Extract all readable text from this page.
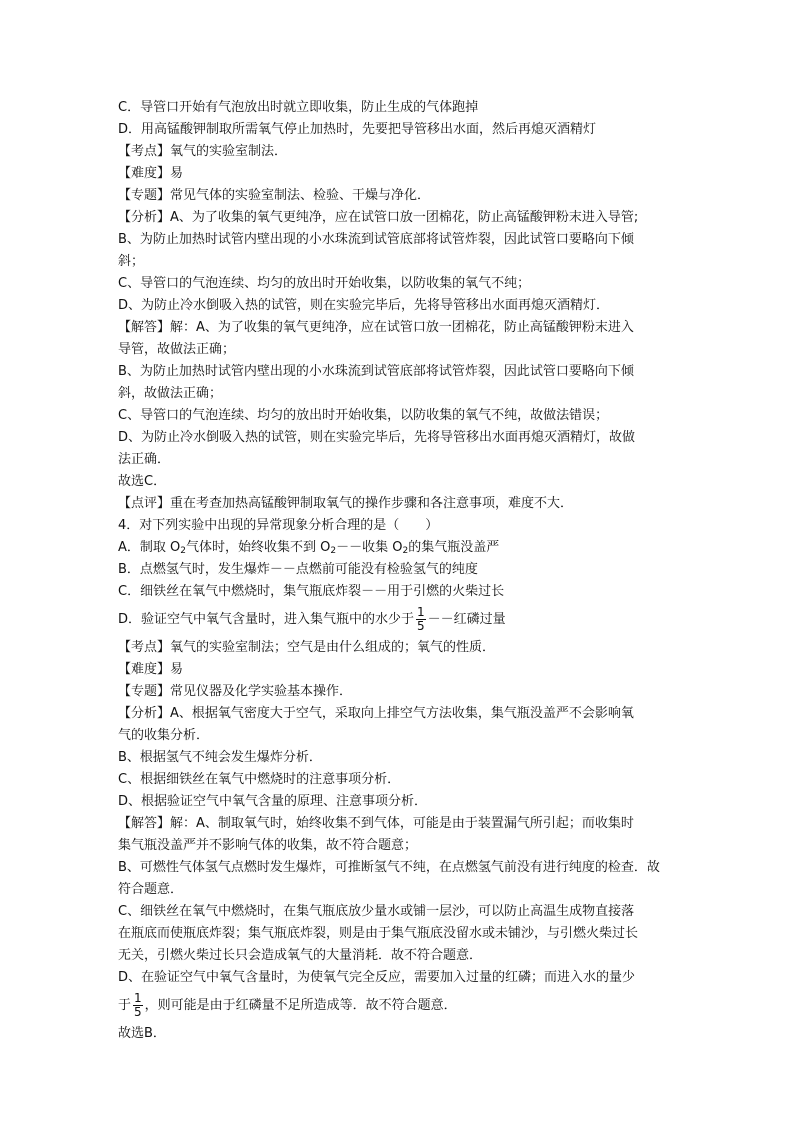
C．导管口开始有气泡放出时就立即收集，防止生成的气体跑掉

D．用高锰酸钾制取所需氧气停止加热时，先要把导管移出水面，然后再熄灭酒精灯

【考点】氧气的实验室制法．

【难度】易

【专题】常见气体的实验室制法、检验、干燥与净化．

【分析】A、为了收集的氧气更纯净，应在试管口放一团棉花，防止高锰酸钾粉末进入导管;

B、为防止加热时试管内壁出现的小水珠流到试管底部将试管炸裂，因此试管口要略向下倾

斜；

C、导管口的气泡连续、均匀的放出时开始收集，以防收集的氧气不纯；

D、为防止冷水倒吸入热的试管，则在实验完毕后，先将导管移出水面再熄灭酒精灯．

【解答】解：A、为了收集的氧气更纯净，应在试管口放一团棉花，防止高锰酸钾粉末进入

导管，故做法正确；

B、为防止加热时试管内壁出现的小水珠流到试管底部将试管炸裂，因此试管口要略向下倾

斜，故做法正确；

C、导管口的气泡连续、均匀的放出时开始收集，以防收集的氧气不纯，故做法错误；

D、为防止冷水倒吸入热的试管，则在实验完毕后，先将导管移出水面再熄灭酒精灯，故做

法正确．

故选C．

【点评】重在考查加热高锰酸钾制取氧气的操作步骤和各注意事项，难度不大．

4．对下列实验中出现的异常现象分析合理的是（　　）

A．制取 $O_2$气体时，始终收集不到 $O_2--$收集 $O_2$的集气瓶没盖严

B．点燃氢气时，发生爆炸－－点燃前可能没有检验氢气的纯度

C．细铁丝在氧气中燃烧时，集气瓶底炸裂－－用于引燃的火柴过长

D．验证空气中氧气含量时，进入集气瓶中的水少于 $\frac{1}{5}$ －－红磷过量

【考点】氧气的实验室制法；空气是由什么组成的；氧气的性质．

【难度】易

【专题】常见仪器及化学实验基本操作．

【分析】A、根据氧气密度大于空气，采取向上排空气方法收集，集气瓶没盖严不会影响氧

气的收集分析．

B、根据氢气不纯会发生爆炸分析．

C、根据细铁丝在氧气中燃烧时的注意事项分析．

D、根据验证空气中氧气含量的原理、注意事项分析．

【解答】解：A、制取氧气时，始终收集不到气体，可能是由于装置漏气所引起；而收集时

集气瓶没盖严并不影响气体的收集，故不符合题意；

B、可燃性气体氢气点燃时发生爆炸，可推断氢气不纯，在点燃氢气前没有进行纯度的检查．故

符合题意．

C、细铁丝在氧气中燃烧时，在集气瓶底放少量水或铺一层沙，可以防止高温生成物直接落

在瓶底而使瓶底炸裂；集气瓶底炸裂，则是由于集气瓶底没留水或未铺沙，与引燃火柴过长

无关，引燃火柴过长只会造成氧气的大量消耗．故不符合题意．

D、在验证空气中氧气含量时，为使氧气完全反应，需要加入过量的红磷；而进入水的量少

于 $\frac{1}{5}$ ，则可能是由于红磷量不足所造成等．故不符合题意．

故选B．
